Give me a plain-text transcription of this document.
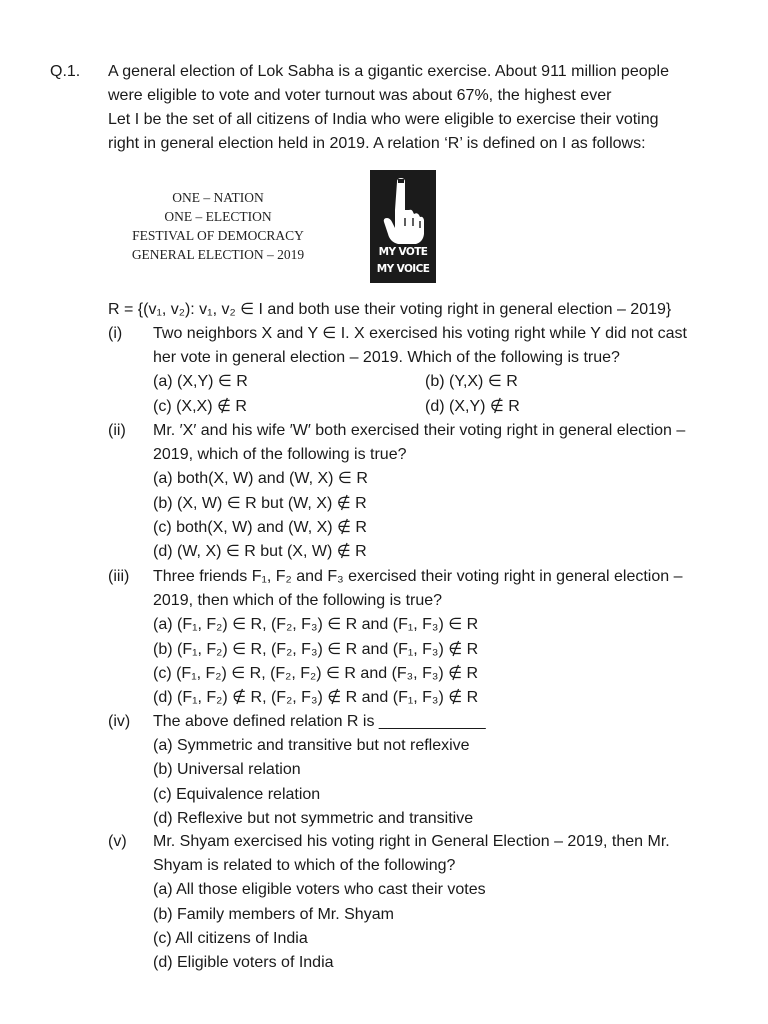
Q.1. A general election of Lok Sabha is a gigantic exercise. About 911 million people
were eligible to vote and voter turnout was about 67%, the highest ever
Let I be the set of all citizens of India who were eligible to exercise their voting
right in general election held in 2019. A relation ‘R’ is defined on I as follows:
ONE – NATION
ONE – ELECTION
FESTIVAL OF DEMOCRACY
GENERAL ELECTION – 2019	MY VOTE
MY VOICE
R = {(v₁, v₂): v₁, v₂ ∈ I and both use their voting right in general election – 2019}
(i) Two neighbors X and Y ∈ I. X exercised his voting right while Y did not cast
her vote in general election – 2019. Which of the following is true?
(a) (X,Y) ∈ R	(b) (Y,X) ∈ R
(c) (X,X) ∉ R	(d) (X,Y) ∉ R
(ii) Mr. ′X′ and his wife ′W′ both exercised their voting right in general election –
2019, which of the following is true?
(a) both(X, W) and (W, X) ∈ R
(b) (X, W) ∈ R but (W, X) ∉ R
(c) both(X, W) and (W, X) ∉ R
(d) (W, X) ∈ R but (X, W) ∉ R
(iii) Three friends F₁, F₂ and F₃ exercised their voting right in general election –
2019, then which of the following is true?
(a) (F₁, F₂) ∈ R, (F₂, F₃) ∈ R and (F₁, F₃) ∈ R
(b) (F₁, F₂) ∈ R, (F₂, F₃) ∈ R and (F₁, F₃) ∉ R
(c) (F₁, F₂) ∈ R, (F₂, F₂) ∈ R and (F₃, F₃) ∉ R
(d) (F₁, F₂) ∉ R, (F₂, F₃) ∉ R and (F₁, F₃) ∉ R
(iv) The above defined relation R is ____________
(a) Symmetric and transitive but not reflexive
(b) Universal relation
(c) Equivalence relation
(d) Reflexive but not symmetric and transitive
(v) Mr. Shyam exercised his voting right in General Election – 2019, then Mr.
Shyam is related to which of the following?
(a) All those eligible voters who cast their votes
(b) Family members of Mr. Shyam
(c) All citizens of India
(d) Eligible voters of India
